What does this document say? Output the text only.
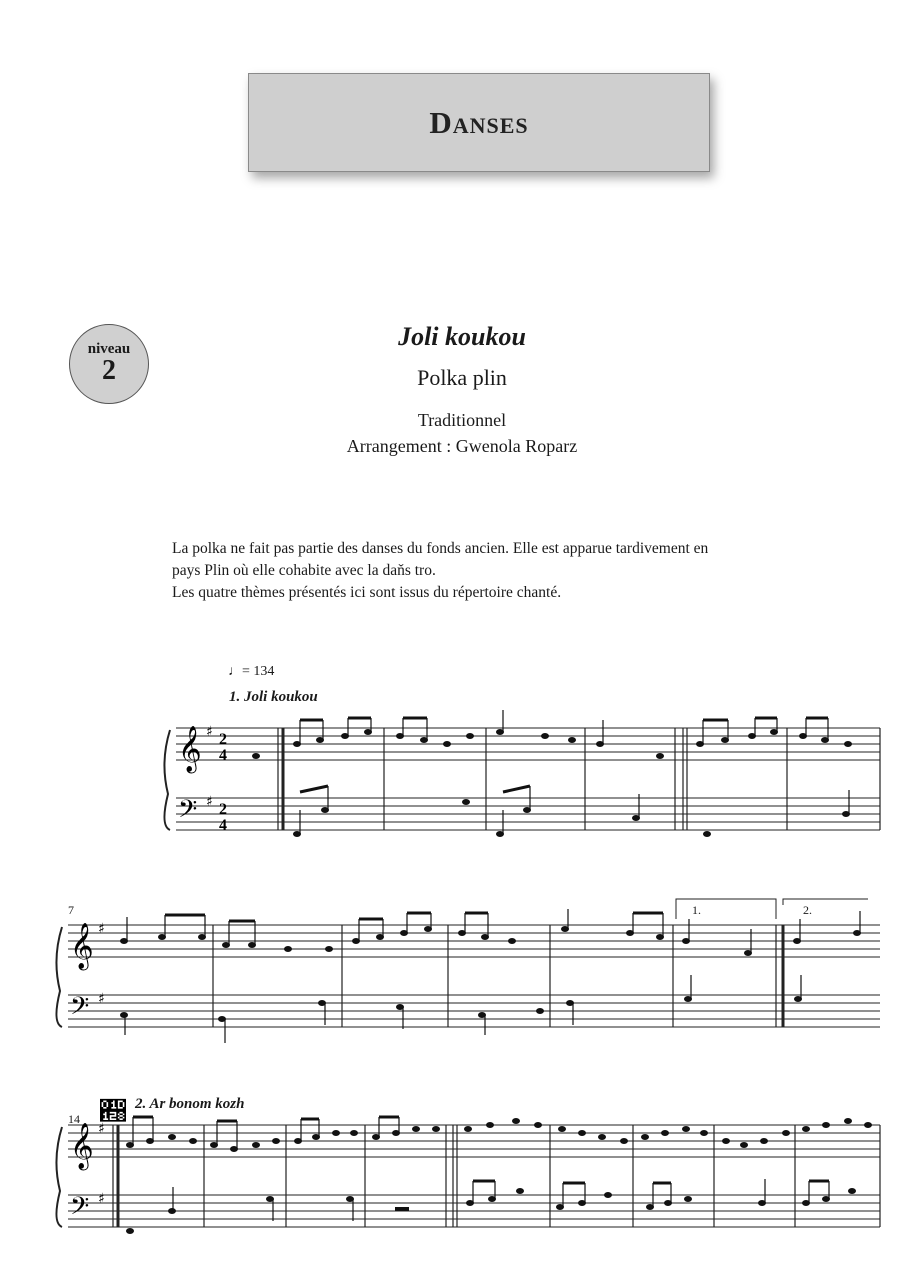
Danses
niveau
2
Joli koukou
Polka plin
Traditionnel
Arrangement : Gwenola Roparz

La polka ne fait pas partie des danses du fonds ancien. Elle est apparue tardivement en

pays Plin où elle cohabite avec la daňs tro.

Les quatre thèmes présentés ici sont issus du répertoire chanté.

♩= 134
1. Joli koukou
7	1.	2.
14
2. Ar bonom kozh
𝄞
𝄢
♯
♯
2
4
2
4
𝄞
𝄢
♯
♯
𝄨
𝄞
𝄢
♯
♯
